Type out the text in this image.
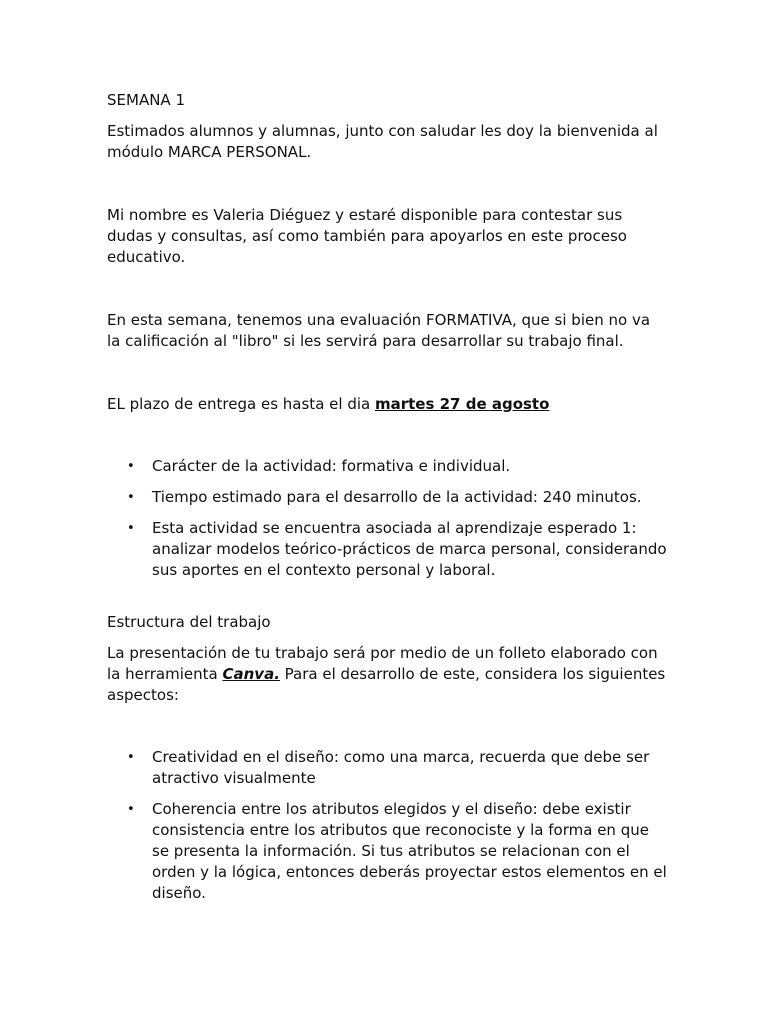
SEMANA 1

Estimados alumnos y alumnas, junto con saludar les doy la bienvenida al módulo MARCA PERSONAL.

Mi nombre es Valeria Diéguez y estaré disponible para contestar sus dudas y consultas, así como también para apoyarlos en este proceso educativo.

En esta semana, tenemos una evaluación FORMATIVA, que si bien no va la calificación al "libro" si les servirá para desarrollar su trabajo final.

EL plazo de entrega es hasta el dia martes 27 de agosto

• Carácter de la actividad: formativa e individual.
• Tiempo estimado para el desarrollo de la actividad: 240 minutos.
• Esta actividad se encuentra asociada al aprendizaje esperado 1: analizar modelos teórico-prácticos de marca personal, considerando sus aportes en el contexto personal y laboral.

Estructura del trabajo

La presentación de tu trabajo será por medio de un folleto elaborado con la herramienta Canva. Para el desarrollo de este, considera los siguientes aspectos:

• Creatividad en el diseño: como una marca, recuerda que debe ser atractivo visualmente
• Coherencia entre los atributos elegidos y el diseño: debe existir consistencia entre los atributos que reconociste y la forma en que se presenta la información. Si tus atributos se relacionan con el orden y la lógica, entonces deberás proyectar estos elementos en el diseño.
